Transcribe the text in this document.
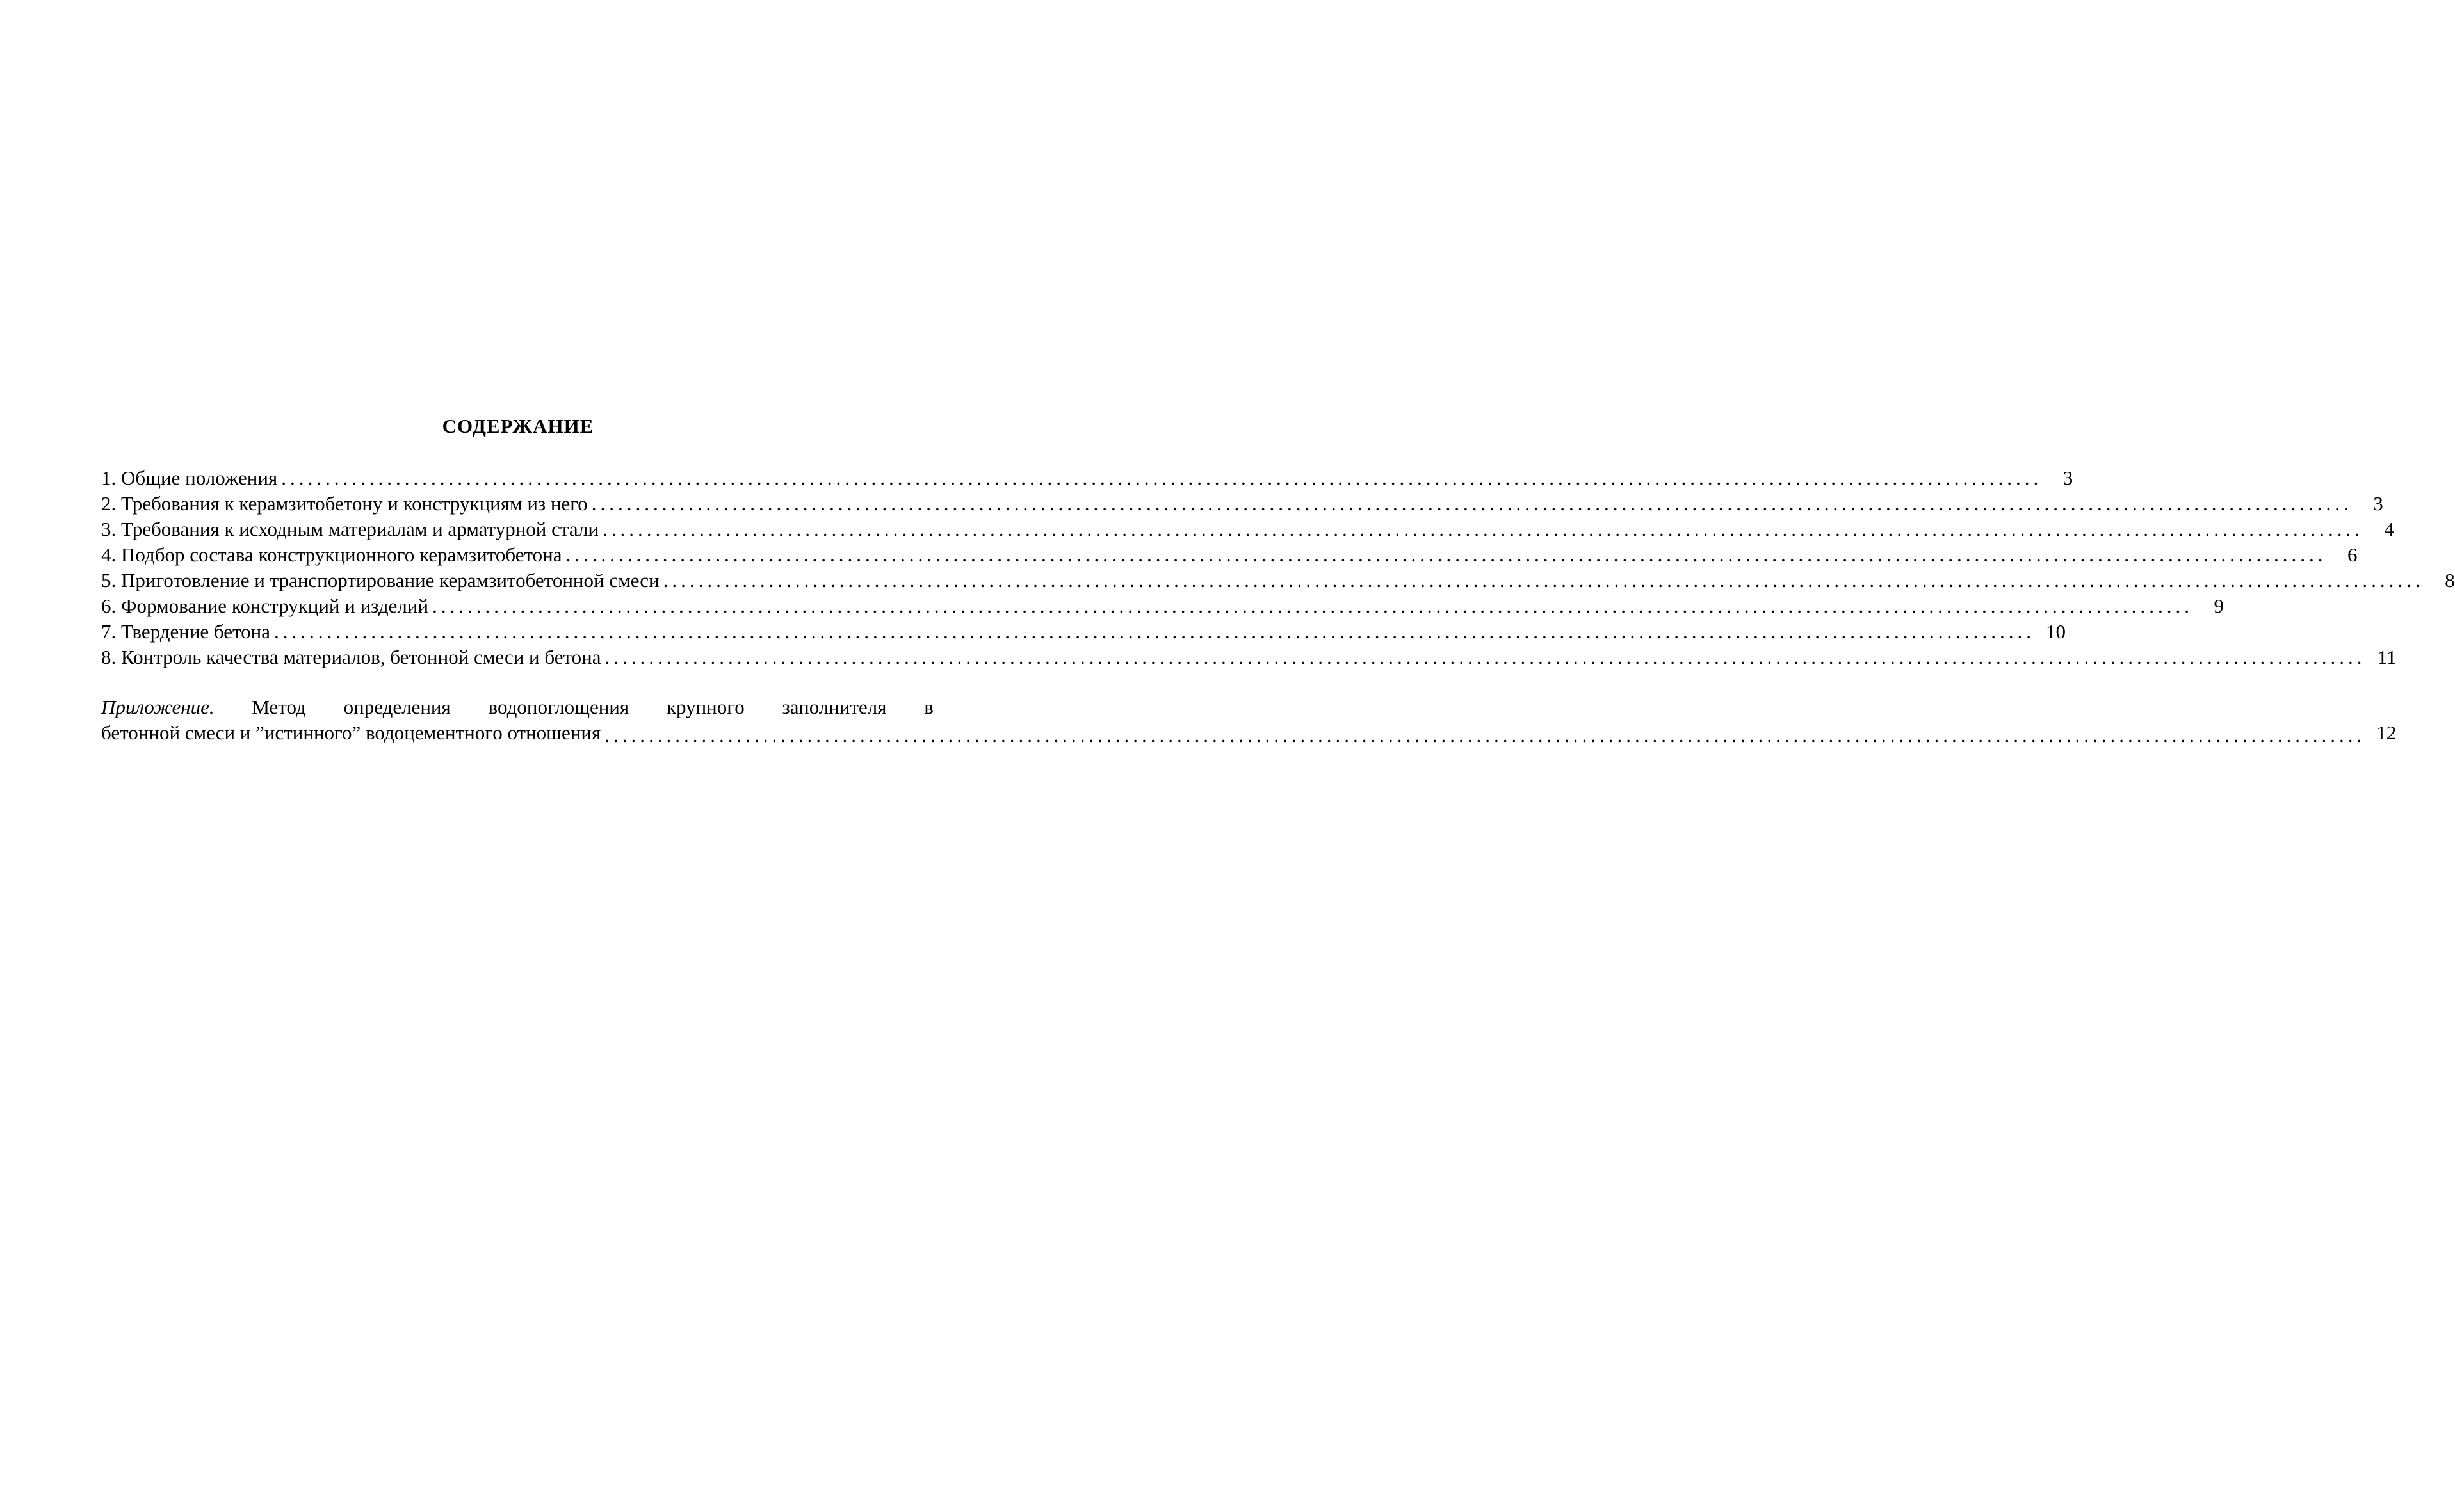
СОДЕРЖАНИЕ
1. Общие положения ........................................................................................................................................................................................................	3
2. Требования к керамзитобетону и конструкциям из него ........................................................................................................................................................................................................	3
3. Требования к исходным материалам и арматурной стали ........................................................................................................................................................................................................	4
4. Подбор состава конструкционного керамзитобетона ........................................................................................................................................................................................................	6
5. Приготовление и транспортирование керамзитобетонной смеси ........................................................................................................................................................................................................	8
6. Формование конструкций и изделий ........................................................................................................................................................................................................	9
7. Твердение бетона ........................................................................................................................................................................................................ 10
8. Контроль качества материалов, бетонной смеси и бетона ........................................................................................................................................................................................................ 11
Приложение. Метод определения водопоглощения крупного заполнителя в
бетонной смеси и ”истинного” водоцементного отношения ........................................................................................................................................................................................................ 12
